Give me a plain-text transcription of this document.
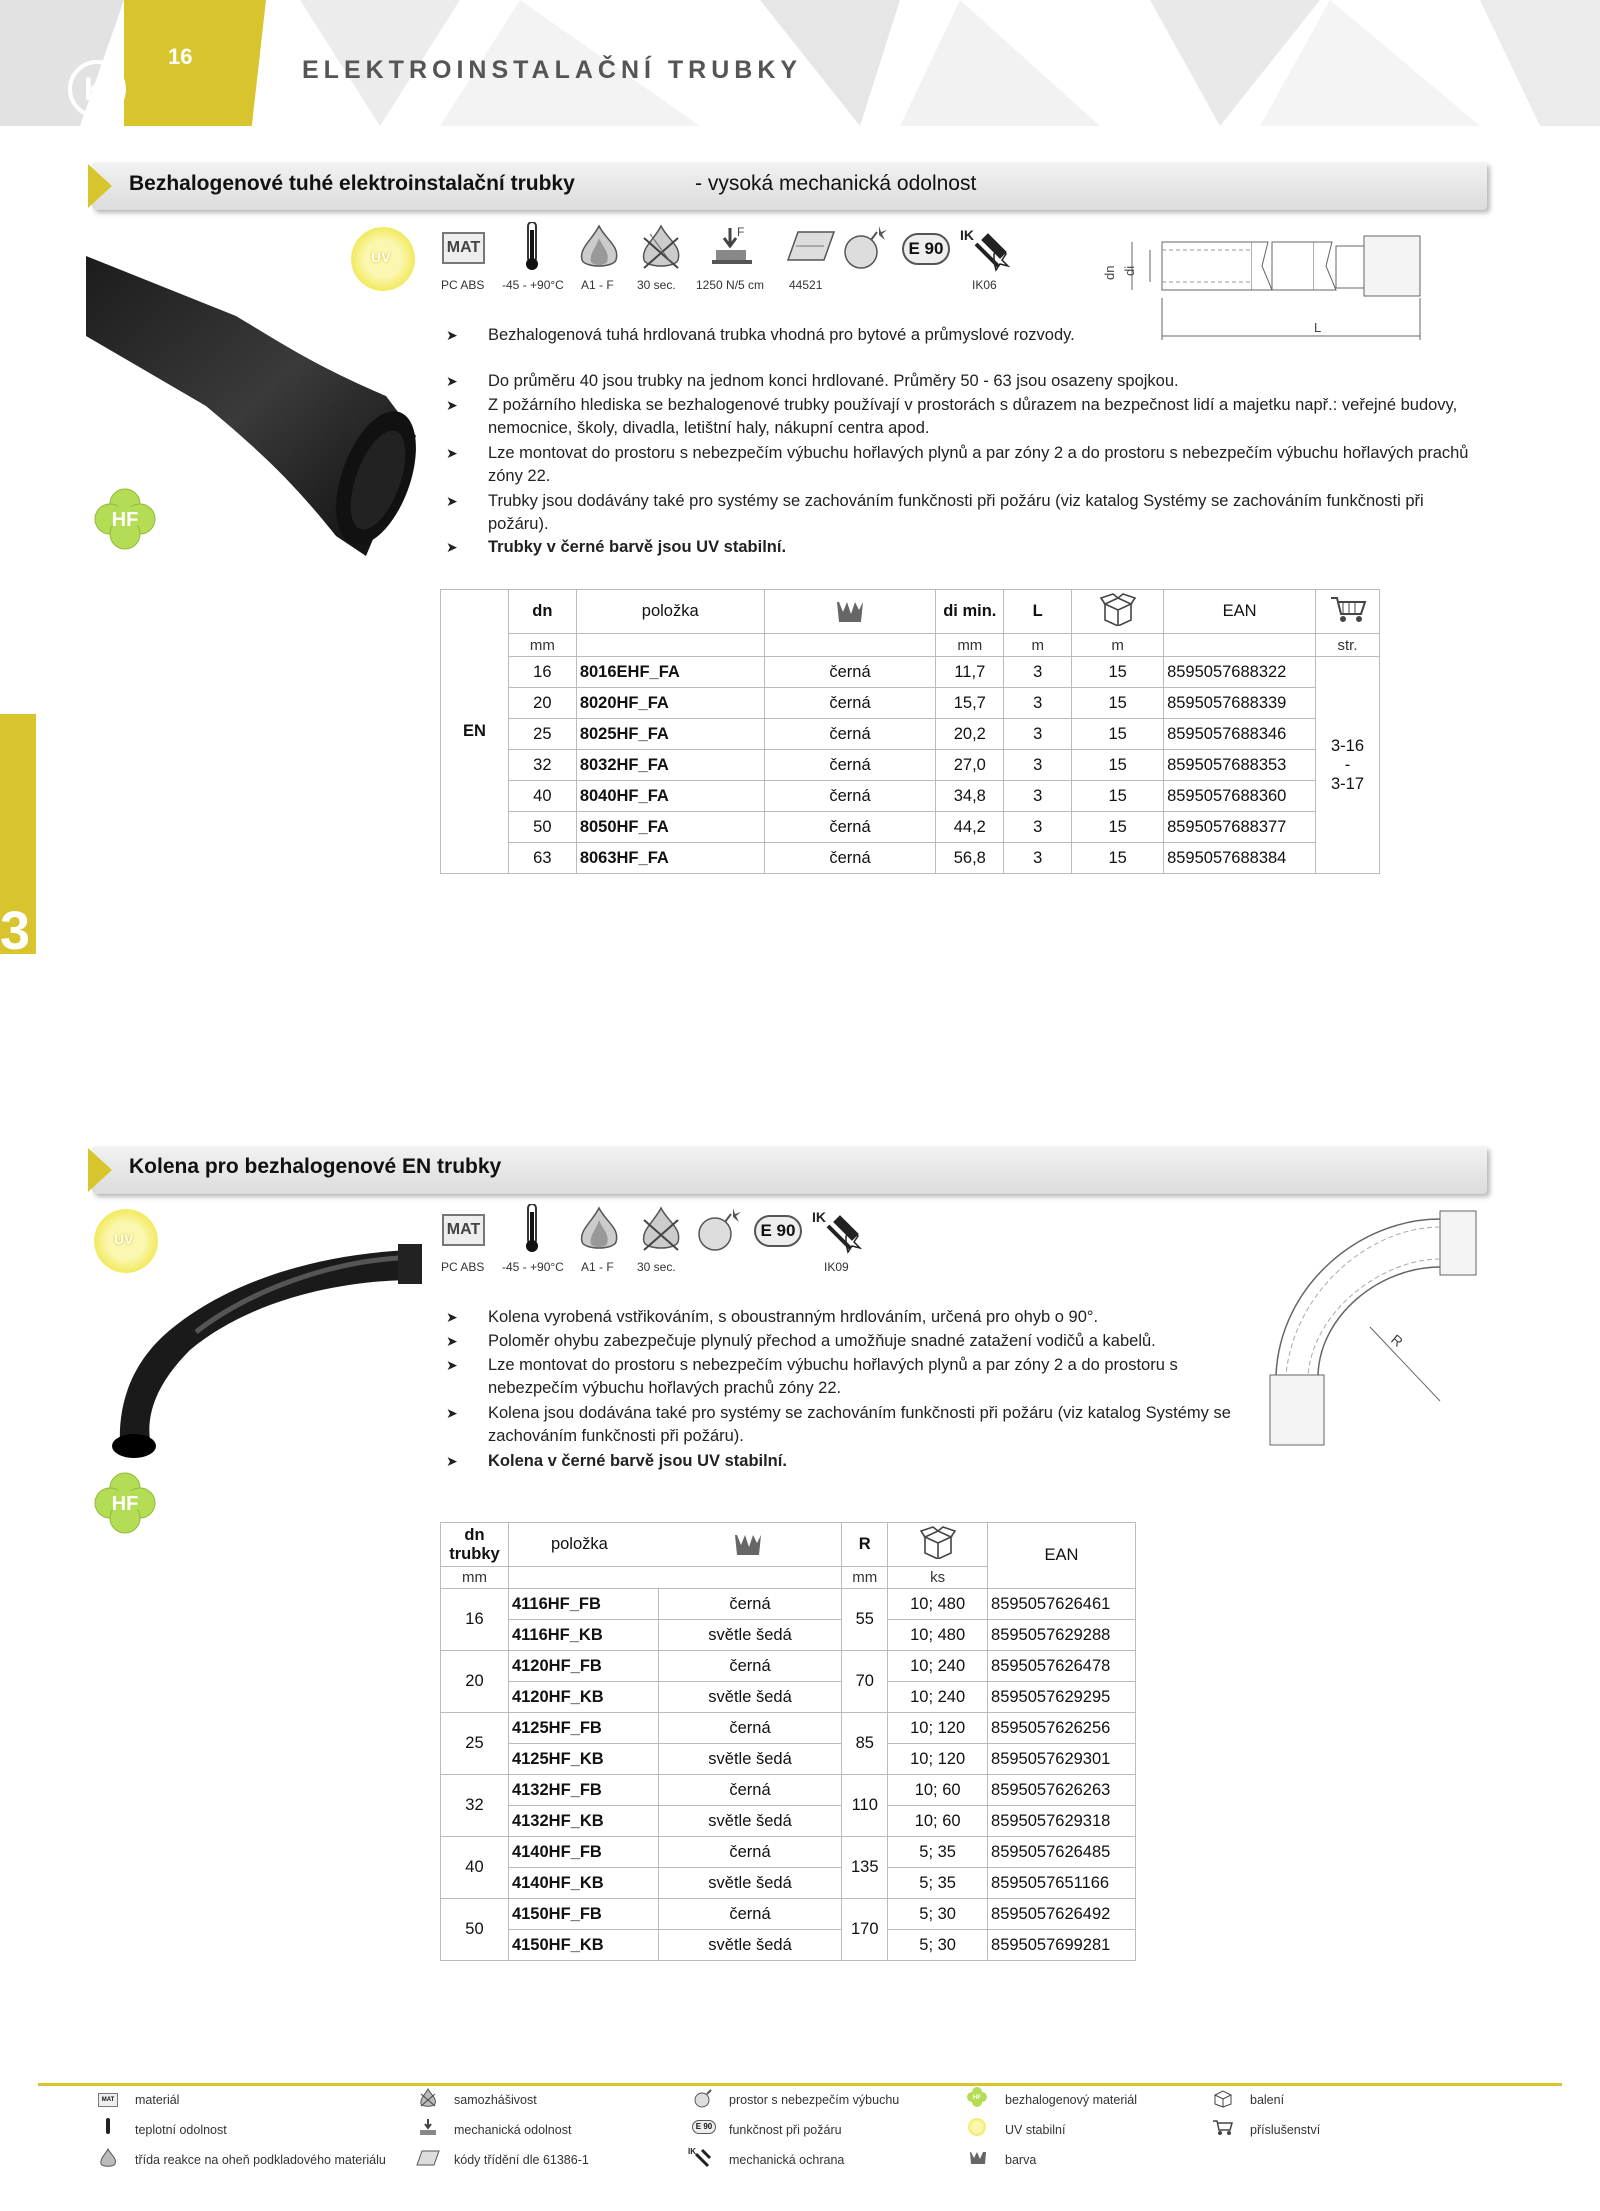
16
K
ELEKTROINSTALAČNÍ TRUBKY
3
Bezhalogenové tuhé elektroinstalační trubky	- vysoká mechanická odolnost
UV
HF
MAT
PC ABS -45 - +90°C A1 - F 30 sec.
F
1250 N/5 cm 44521
E 90
IK
IK06
dn di
L
➤ Bezhalogenová tuhá hrdlovaná trubka vhodná pro bytové a průmyslové rozvody.
➤ Do průměru 40 jsou trubky na jednom konci hrdlované. Průměry 50 - 63 jsou osazeny spojkou.
➤ Z požárního hlediska se bezhalogenové trubky používají v prostorách s důrazem na bezpečnost lidí a majetku např.: veřejné budovy, nemocnice, školy, divadla, letištní haly, nákupní centra apod.
➤ Lze montovat do prostoru s nebezpečím výbuchu hořlavých plynů a par zóny 2 a do prostoru s nebezpečím výbuchu hořlavých prachů zóny 22.
➤ Trubky jsou dodávány také pro systémy se zachováním funkčnosti při požáru (viz katalog Systémy se zachováním funkčnosti při požáru).
➤ Trubky v černé barvě jsou UV stabilní.
EN	dn	položka		di min.	L		EAN	
	mm			mm	m	m		str.
	16	8016EHF_FA	černá	11,7	3	15	8595057688322	3-16
-
3-17

	20	8020HF_FA	černá	15,7	3	15	8595057688339	
	25	8025HF_FA	černá	20,2	3	15	8595057688346	
	32	8032HF_FA	černá	27,0	3	15	8595057688353	
	40	8040HF_FA	černá	34,8	3	15	8595057688360	
	50	8050HF_FA	černá	44,2	3	15	8595057688377	
	63	8063HF_FA	černá	56,8	3	15	8595057688384	
Kolena pro bezhalogenové EN trubky
UV
HF
MAT
PC ABS -45 - +90°C A1 - F 30 sec.
E 90
IK
IK09
R
➤ Kolena vyrobená vstřikováním, s oboustranným hrdlováním, určená pro ohyb o 90°.
➤ Poloměr ohybu zabezpečuje plynulý přechod a umožňuje snadné zatažení vodičů a kabelů.
➤ Lze montovat do prostoru s nebezpečím výbuchu hořlavých plynů a par zóny 2 a do prostoru s nebezpečím výbuchu hořlavých prachů zóny 22.
➤ Kolena jsou dodávána také pro systémy se zachováním funkčnosti při požáru (viz katalog Systémy se zachováním funkčnosti při požáru).
➤ Kolena v černé barvě jsou UV stabilní.
dn
trubky	položka		R		EAN
mm			mm	ks	
16	4116HF_FB	černá	55	10; 480	8595057626461
	4116HF_KB	světle šedá		10; 480	8595057629288
20	4120HF_FB	černá	70	10; 240	8595057626478
	4120HF_KB	světle šedá		10; 240	8595057629295
25	4125HF_FB	černá	85	10; 120	8595057626256
	4125HF_KB	světle šedá		10; 120	8595057629301
32	4132HF_FB	černá	110	10; 60	8595057626263
	4132HF_KB	světle šedá		10; 60	8595057629318
40	4140HF_FB	černá	135	5; 35	8595057626485
	4140HF_KB	světle šedá		5; 35	8595057651166
50	4150HF_FB	černá	170	5; 30	8595057626492
	4150HF_KB	světle šedá		5; 30	8595057699281
MAT materiál
teplotní odolnost
třída reakce na oheň podkladového materiálu
samozhášivost
mechanická odolnost
kódy třídění dle 61386-1
prostor s nebezpečím výbuchu
E 90	funkčnost při požáru
IK
mechanická ochrana
HF bezhalogenový materiál
UV stabilní
barva
balení
příslušenství
